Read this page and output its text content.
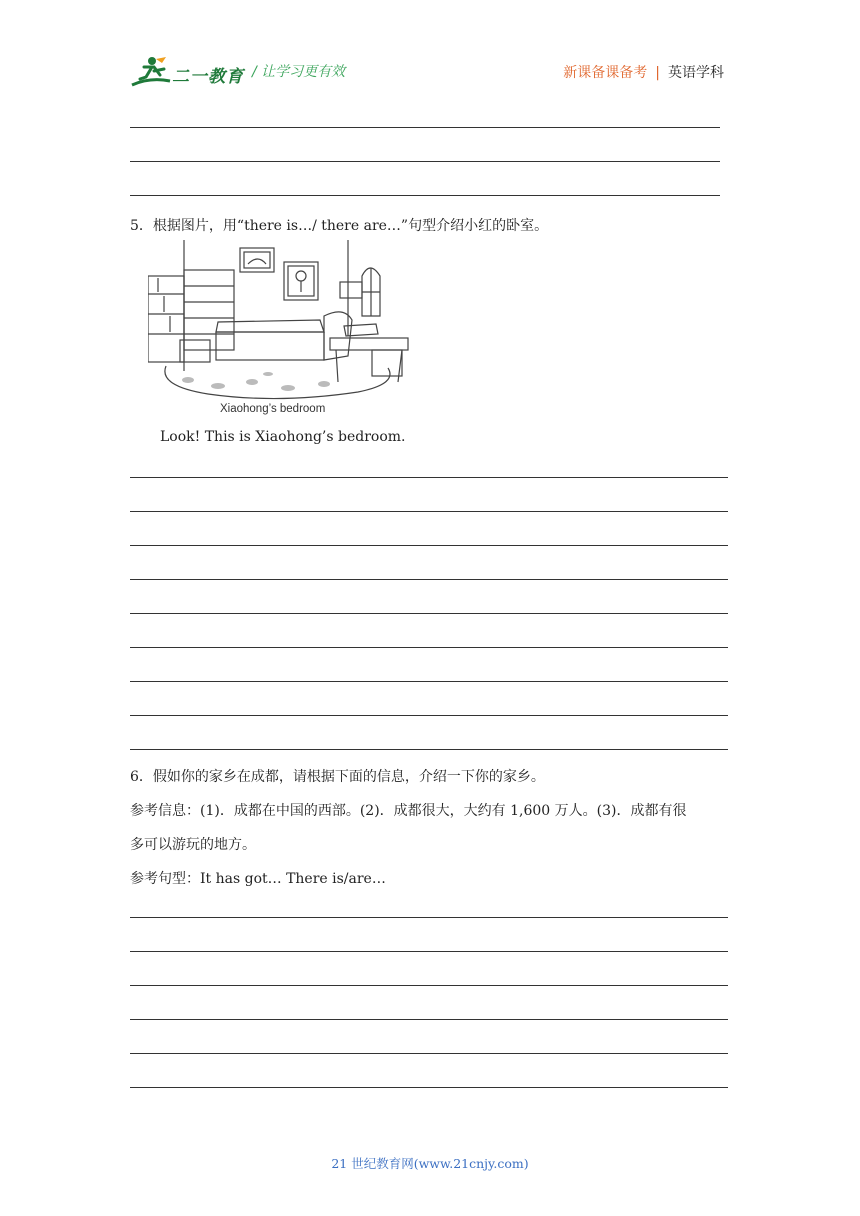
二一教育 / 让学习更有效	新课备课备考 | 英语学科
5．根据图片，用“there is…/ there are…”句型介绍小红的卧室。
Xiaohong’s bedroom
Look! This is Xiaohong’s bedroom.
6．假如你的家乡在成都，请根据下面的信息，介绍一下你的家乡。
参考信息：(1)．成都在中国的西部。(2)．成都很大，大约有 1,600 万人。(3)．成都有很
多可以游玩的地方。
参考句型：It has got… There is/are…
21 世纪教育网(www.21cnjy.com)
